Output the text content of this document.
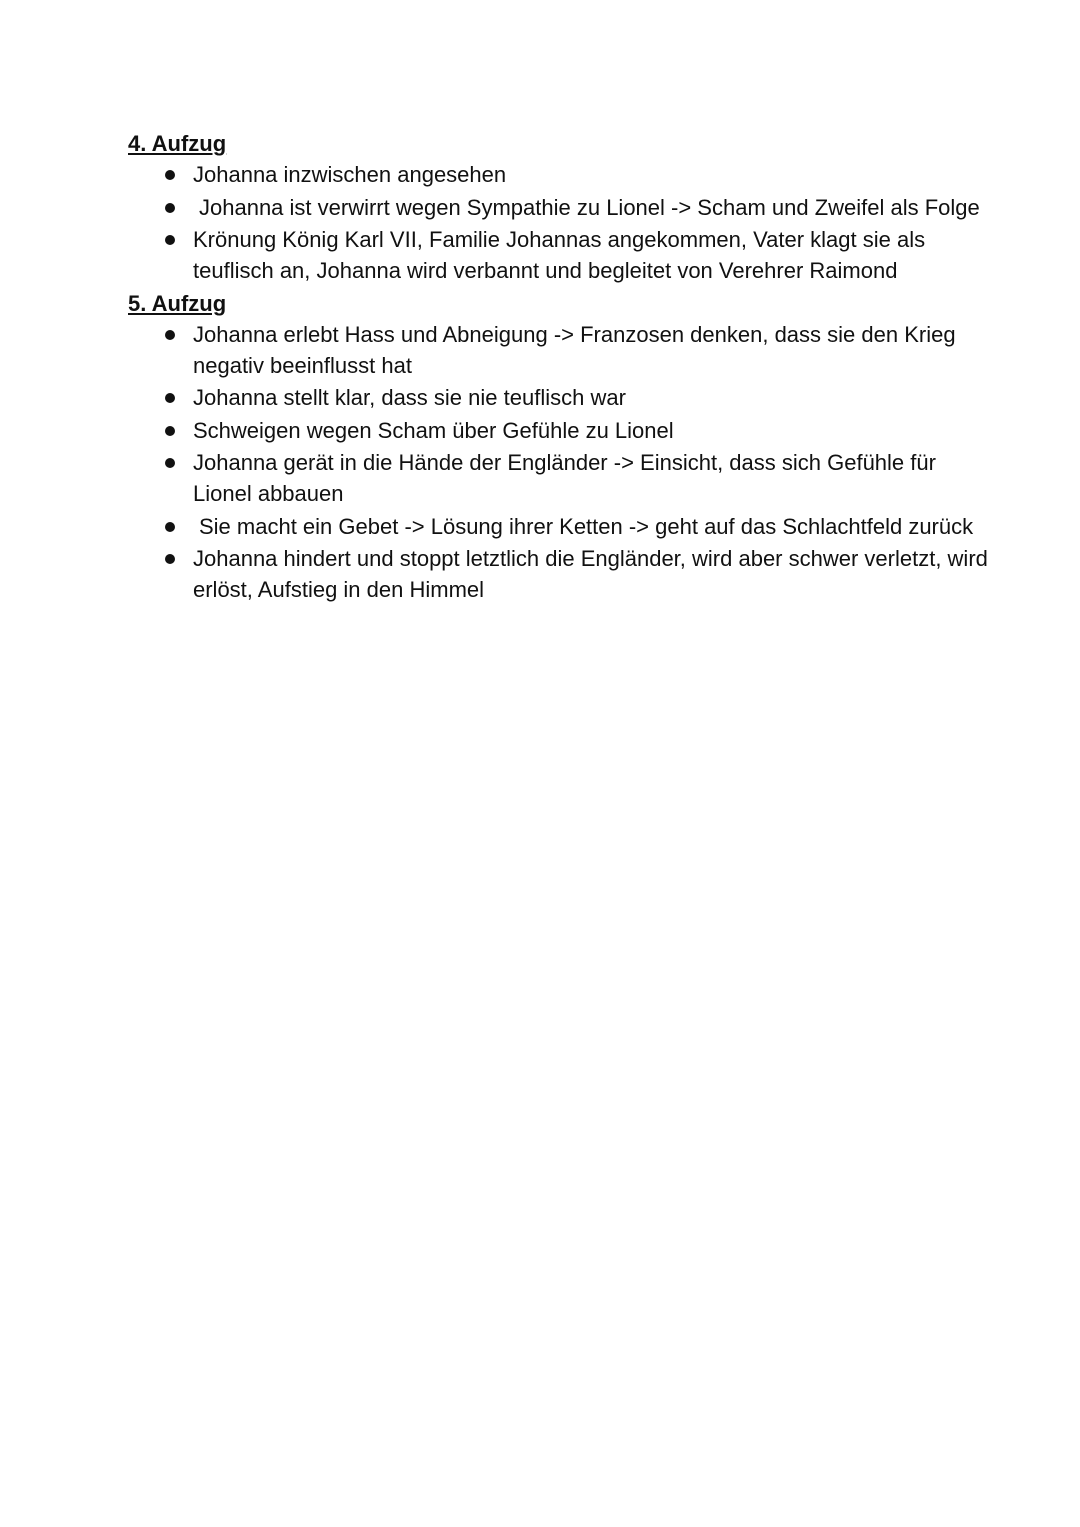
4. Aufzug
Johanna inzwischen angesehen
Johanna ist verwirrt wegen Sympathie zu Lionel -> Scham und Zweifel als Folge
Krönung König Karl VII, Familie Johannas angekommen, Vater klagt sie als teuflisch an, Johanna wird verbannt und begleitet von Verehrer Raimond
5. Aufzug
Johanna erlebt Hass und Abneigung -> Franzosen denken, dass sie den Krieg negativ beeinflusst hat
Johanna stellt klar, dass sie nie teuflisch war
Schweigen wegen Scham über Gefühle zu Lionel
Johanna gerät in die Hände der Engländer -> Einsicht, dass sich Gefühle für Lionel abbauen
Sie macht ein Gebet -> Lösung ihrer Ketten -> geht auf das Schlachtfeld zurück
Johanna hindert und stoppt letztlich die Engländer, wird aber schwer verletzt, wird erlöst, Aufstieg in den Himmel
